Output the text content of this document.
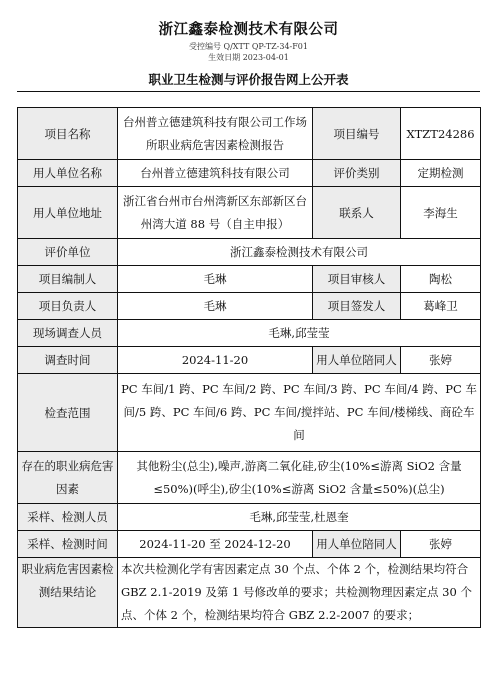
浙江鑫泰检测技术有限公司
受控编号 Q/XTT QP-TZ-34-F01
生效日期 2023-04-01
职业卫生检测与评价报告网上公开表
项目名称	台州普立德建筑科技有限公司工作场所职业病危害因素检测报告	项目编号	XTZT24286
用人单位名称	台州普立德建筑科技有限公司	评价类别	定期检测
用人单位地址	浙江省台州市台州湾新区东部新区台州湾大道 88 号（自主申报）	联系人	李海生
评价单位	浙江鑫泰检测技术有限公司		
项目编制人	毛琳	项目审核人	陶松
项目负责人	毛琳	项目签发人	葛峰卫
现场调查人员	毛琳,邱莹莹		
调查时间	2024-11-20	用人单位陪同人	张婷
检查范围	PC 车间/1 跨、PC 车间/2 跨、PC 车间/3 跨、PC 车间/4 跨、PC 车间/5 跨、PC 车间/6 跨、PC 车间/搅拌站、PC 车间/楼梯线、商砼车间		
存在的职业病危害因素	其他粉尘(总尘),噪声,游离二氧化硅,矽尘(10%≤游离 SiO2 含量≤50%)(呼尘),矽尘(10%≤游离 SiO2 含量≤50%)(总尘)		
采样、检测人员	毛琳,邱莹莹,杜恩奎		
采样、检测时间	2024-11-20 至 2024-12-20	用人单位陪同人	张婷
职业病危害因素检测结果结论	本次共检测化学有害因素定点 30 个点、个体 2 个，检测结果均符合 GBZ 2.1-2019 及第 1 号修改单的要求；共检测物理因素定点 30 个点、个体 2 个，检测结果均符合 GBZ 2.2-2007 的要求；		
